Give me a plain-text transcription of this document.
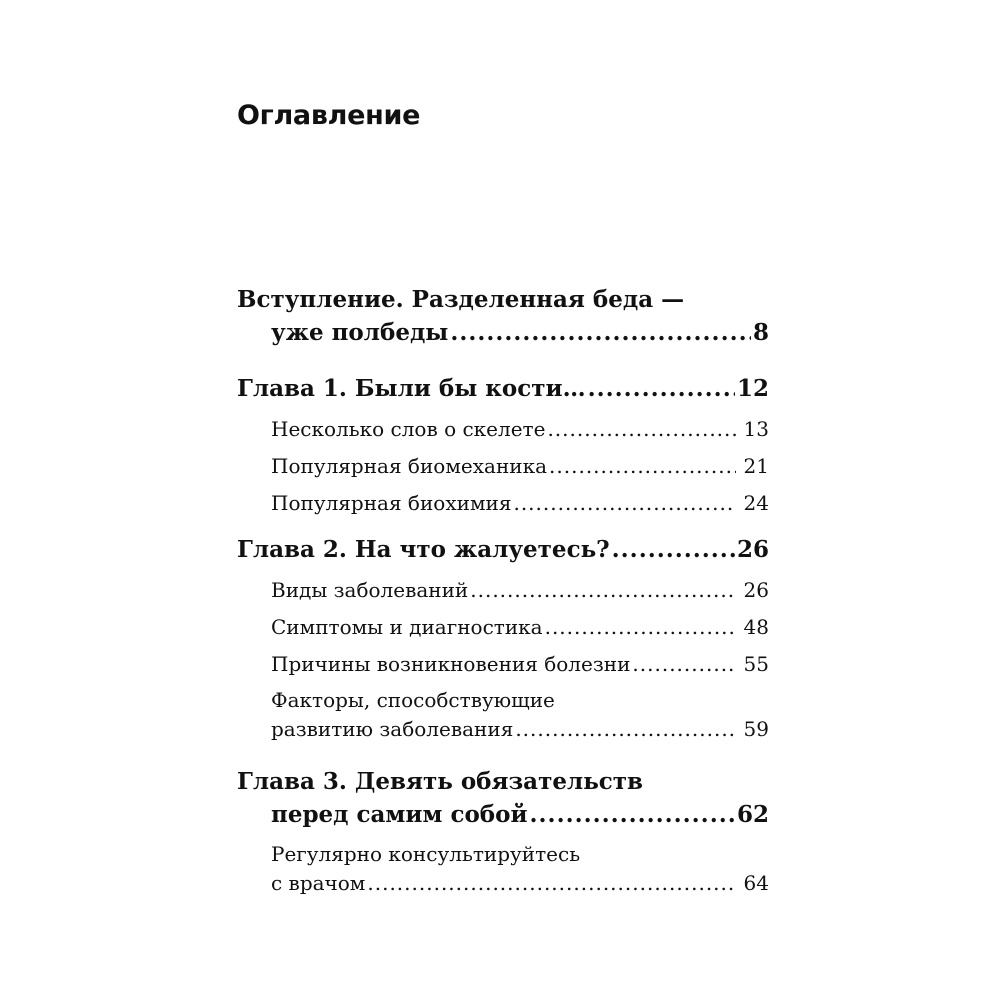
Оглавление
Вступление. Разделенная беда —
уже полбеды .....	8
Глава 1. Были бы кости… .....	12
Несколько слов о скелете .....	13
Популярная биомеханика .....	21
Популярная биохимия .....	24
Глава 2. На что жалуетесь? .....	26
Виды заболеваний .....	26
Симптомы и диагностика .....	48
Причины возникновения болезни .....	55
Факторы, способствующие
развитию заболевания .....	59
Глава 3. Девять обязательств
перед самим собой .....	62
Регулярно консультируйтесь
с врачом .....	64
